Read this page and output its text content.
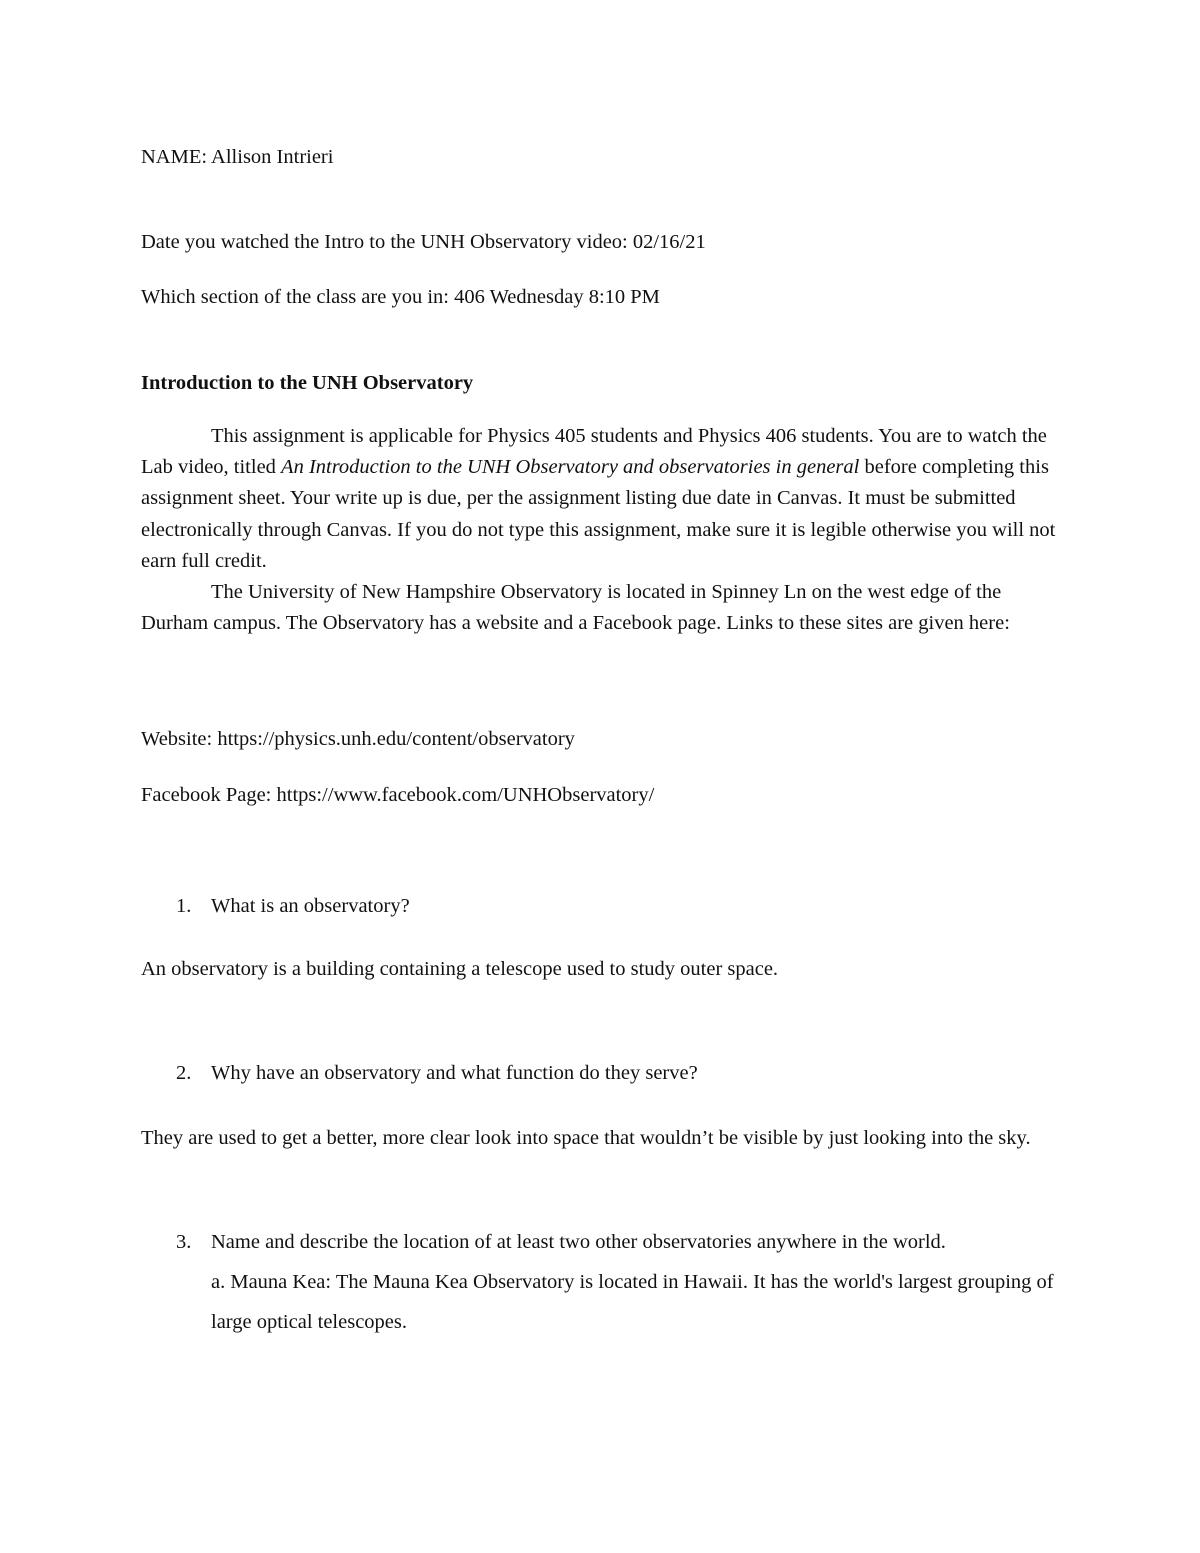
NAME: Allison Intrieri
Date you watched the Intro to the UNH Observatory video: 02/16/21
Which section of the class are you in: 406 Wednesday 8:10 PM
Introduction to the UNH Observatory

This assignment is applicable for Physics 405 students and Physics 406 students. You are to watch the Lab video, titled An Introduction to the UNH Observatory and observatories in general before completing this assignment sheet. Your write up is due, per the assignment listing due date in Canvas. It must be submitted electronically through Canvas. If you do not type this assignment, make sure it is legible otherwise you will not earn full credit.

The University of New Hampshire Observatory is located in Spinney Ln on the west edge of the Durham campus. The Observatory has a website and a Facebook page. Links to these sites are given here:

Website: https://physics.unh.edu/content/observatory
Facebook Page: https://www.facebook.com/UNHObservatory/
1. What is an observatory?
An observatory is a building containing a telescope used to study outer space.
2. Why have an observatory and what function do they serve?
They are used to get a better, more clear look into space that wouldn’t be visible by just looking into the sky.
3. Name and describe the location of at least two other observatories anywhere in the world.
a. Mauna Kea: The Mauna Kea Observatory is located in Hawaii. It has the world's largest grouping of large optical telescopes.
